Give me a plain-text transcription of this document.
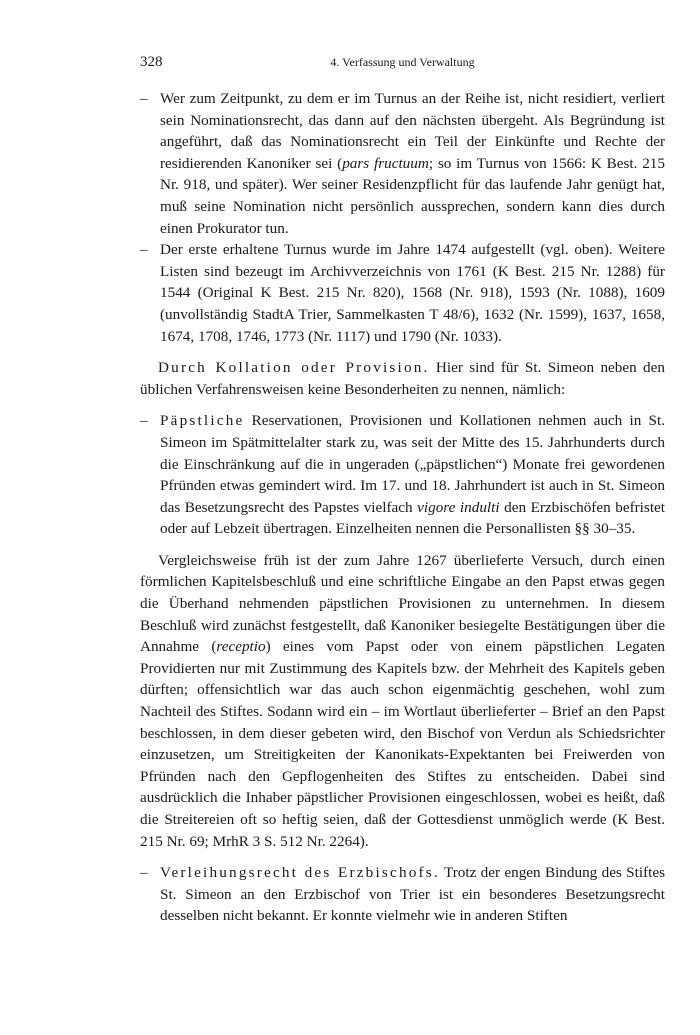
328	4. Verfassung und Verwaltung
– Wer zum Zeitpunkt, zu dem er im Turnus an der Reihe ist, nicht residiert, verliert sein Nominationsrecht, das dann auf den nächsten übergeht. Als Begründung ist angeführt, daß das Nominationsrecht ein Teil der Einkünfte und Rechte der residierenden Kanoniker sei (pars fructuum; so im Turnus von 1566: K Best. 215 Nr. 918, und später). Wer seiner Residenzpflicht für das laufende Jahr genügt hat, muß seine Nomination nicht persönlich aussprechen, sondern kann dies durch einen Prokurator tun.

– Der erste erhaltene Turnus wurde im Jahre 1474 aufgestellt (vgl. oben). Weitere Listen sind bezeugt im Archivverzeichnis von 1761 (K Best. 215 Nr. 1288) für 1544 (Original K Best. 215 Nr. 820), 1568 (Nr. 918), 1593 (Nr. 1088), 1609 (unvollständig StadtA Trier, Sammelkasten T 48/6), 1632 (Nr. 1599), 1637, 1658, 1674, 1708, 1746, 1773 (Nr. 1117) und 1790 (Nr. 1033).

Durch Kollation oder Provision. Hier sind für St. Simeon neben den üblichen Verfahrensweisen keine Besonderheiten zu nennen, nämlich:

– Päpstliche Reservationen, Provisionen und Kollationen nehmen auch in St. Simeon im Spätmittelalter stark zu, was seit der Mitte des 15. Jahrhunderts durch die Einschränkung auf die in ungeraden („päpstlichen“) Monate frei gewordenen Pfründen etwas gemindert wird. Im 17. und 18. Jahrhundert ist auch in St. Simeon das Besetzungsrecht des Papstes vielfach vigore indulti den Erzbischöfen befristet oder auf Lebzeit übertragen. Einzelheiten nennen die Personallisten §§ 30–35.

Vergleichsweise früh ist der zum Jahre 1267 überlieferte Versuch, durch einen förmlichen Kapitelsbeschluß und eine schriftliche Eingabe an den Papst etwas gegen die Überhand nehmenden päpstlichen Provisionen zu unternehmen. In diesem Beschluß wird zunächst festgestellt, daß Kanoniker besiegelte Bestätigungen über die Annahme (receptio) eines vom Papst oder von einem päpstlichen Legaten Providierten nur mit Zustimmung des Kapitels bzw. der Mehrheit des Kapitels geben dürften; offensichtlich war das auch schon eigenmächtig geschehen, wohl zum Nachteil des Stiftes. Sodann wird ein – im Wortlaut überlieferter – Brief an den Papst beschlossen, in dem dieser gebeten wird, den Bischof von Verdun als Schiedsrichter einzusetzen, um Streitigkeiten der Kanonikats-Expektanten bei Freiwerden von Pfründen nach den Gepflogenheiten des Stiftes zu entscheiden. Dabei sind ausdrücklich die Inhaber päpstlicher Provisionen eingeschlossen, wobei es heißt, daß die Streitereien oft so heftig seien, daß der Gottesdienst unmöglich werde (K Best. 215 Nr. 69; MrhR 3 S. 512 Nr. 2264).

– Verleihungsrecht des Erzbischofs. Trotz der engen Bindung des Stiftes St. Simeon an den Erzbischof von Trier ist ein besonderes Besetzungsrecht desselben nicht bekannt. Er konnte vielmehr wie in anderen Stiften
